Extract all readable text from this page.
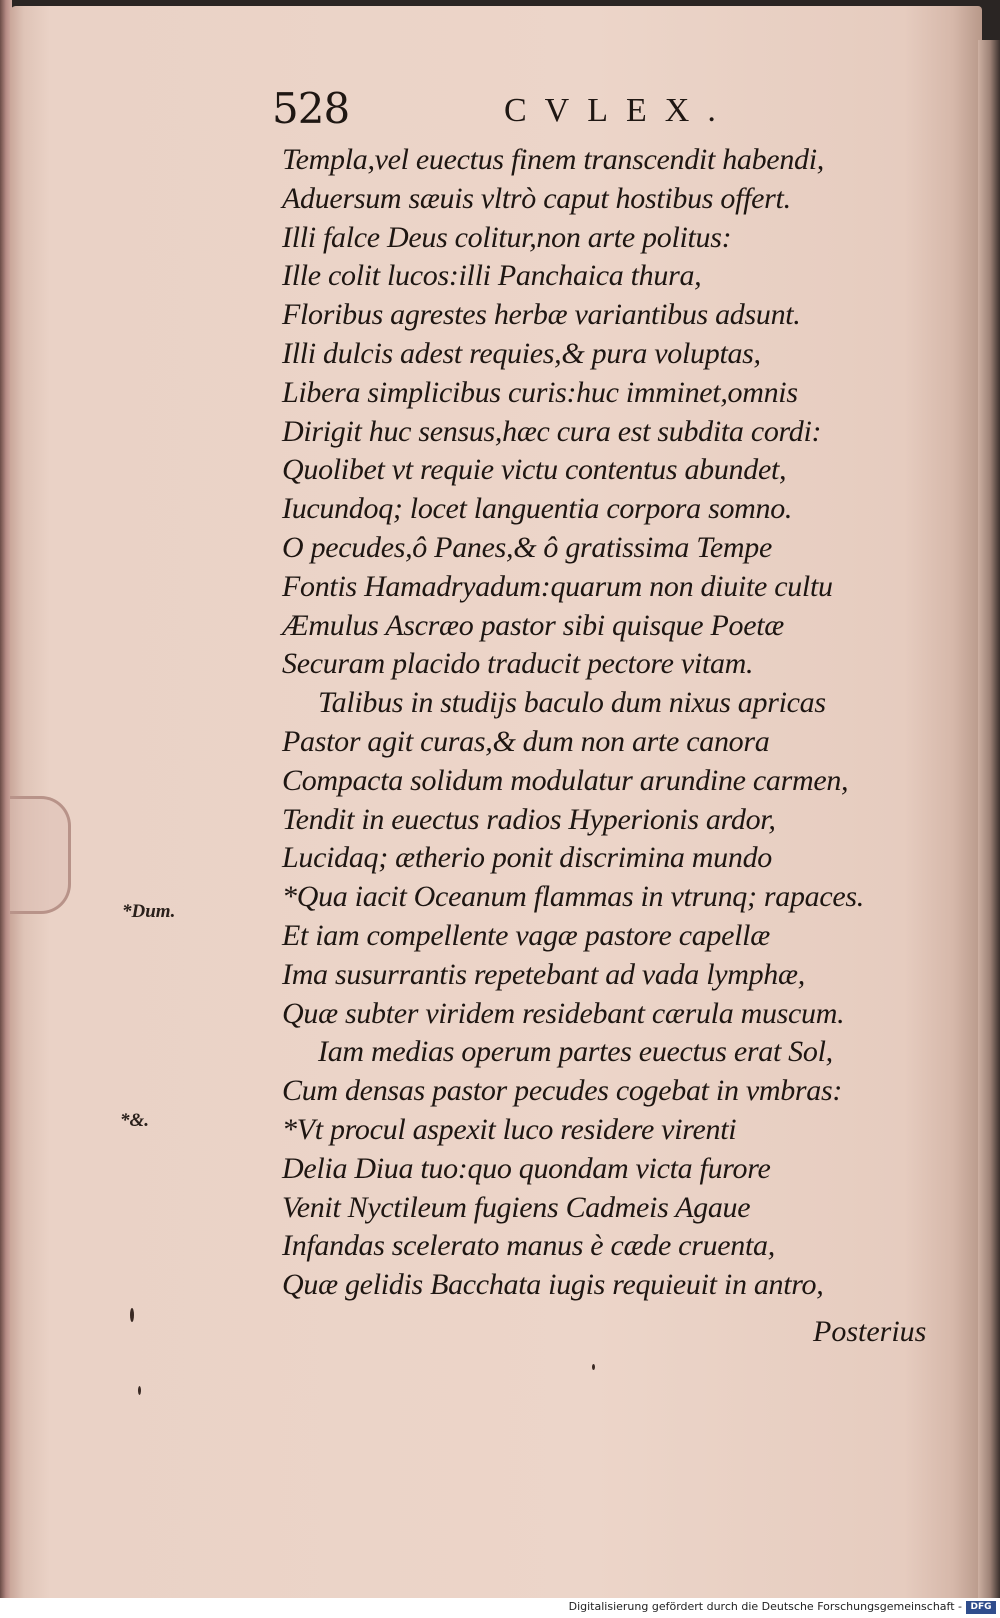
528	CVLEX.
Templa,vel euectus finem transcendit habendi,
Aduersum sæuis vltrò caput hostibus offert.
Illi falce Deus colitur,non arte politus:
Ille colit lucos:illi Panchaica thura,
Floribus agrestes herbæ variantibus adsunt.
Illi dulcis adest requies,& pura voluptas,
Libera simplicibus curis:huc imminet,omnis
Dirigit huc sensus,hæc cura est subdita cordi:
Quolibet vt requie victu contentus abundet,
Iucundoq; locet languentia corpora somno.
O pecudes,ô Panes,& ô gratissima Tempe
Fontis Hamadryadum:quarum non diuite cultu
Æmulus Ascræo pastor sibi quisque Poetæ
Securam placido traducit pectore vitam.
Talibus in studijs baculo dum nixus apricas
Pastor agit curas,& dum non arte canora
Compacta solidum modulatur arundine carmen,
Tendit in euectus radios Hyperionis ardor,
Lucidaq; ætherio ponit discrimina mundo
*Qua iacit Oceanum flammas in vtrunq; rapaces.
Et iam compellente vagæ pastore capellæ
Ima susurrantis repetebant ad vada lymphæ,
Quæ subter viridem residebant cærula muscum.
Iam medias operum partes euectus erat Sol,
Cum densas pastor pecudes cogebat in vmbras:
*Vt procul aspexit luco residere virenti
Delia Diua tuo:quo quondam victa furore
Venit Nyctileum fugiens Cadmeis Agaue
Infandas scelerato manus è cæde cruenta,
Quæ gelidis Bacchata iugis requieuit in antro,
Posterius
*Dum.
*&.
Digitalisierung gefördert durch die Deutsche Forschungsgemeinschaft - DFG
